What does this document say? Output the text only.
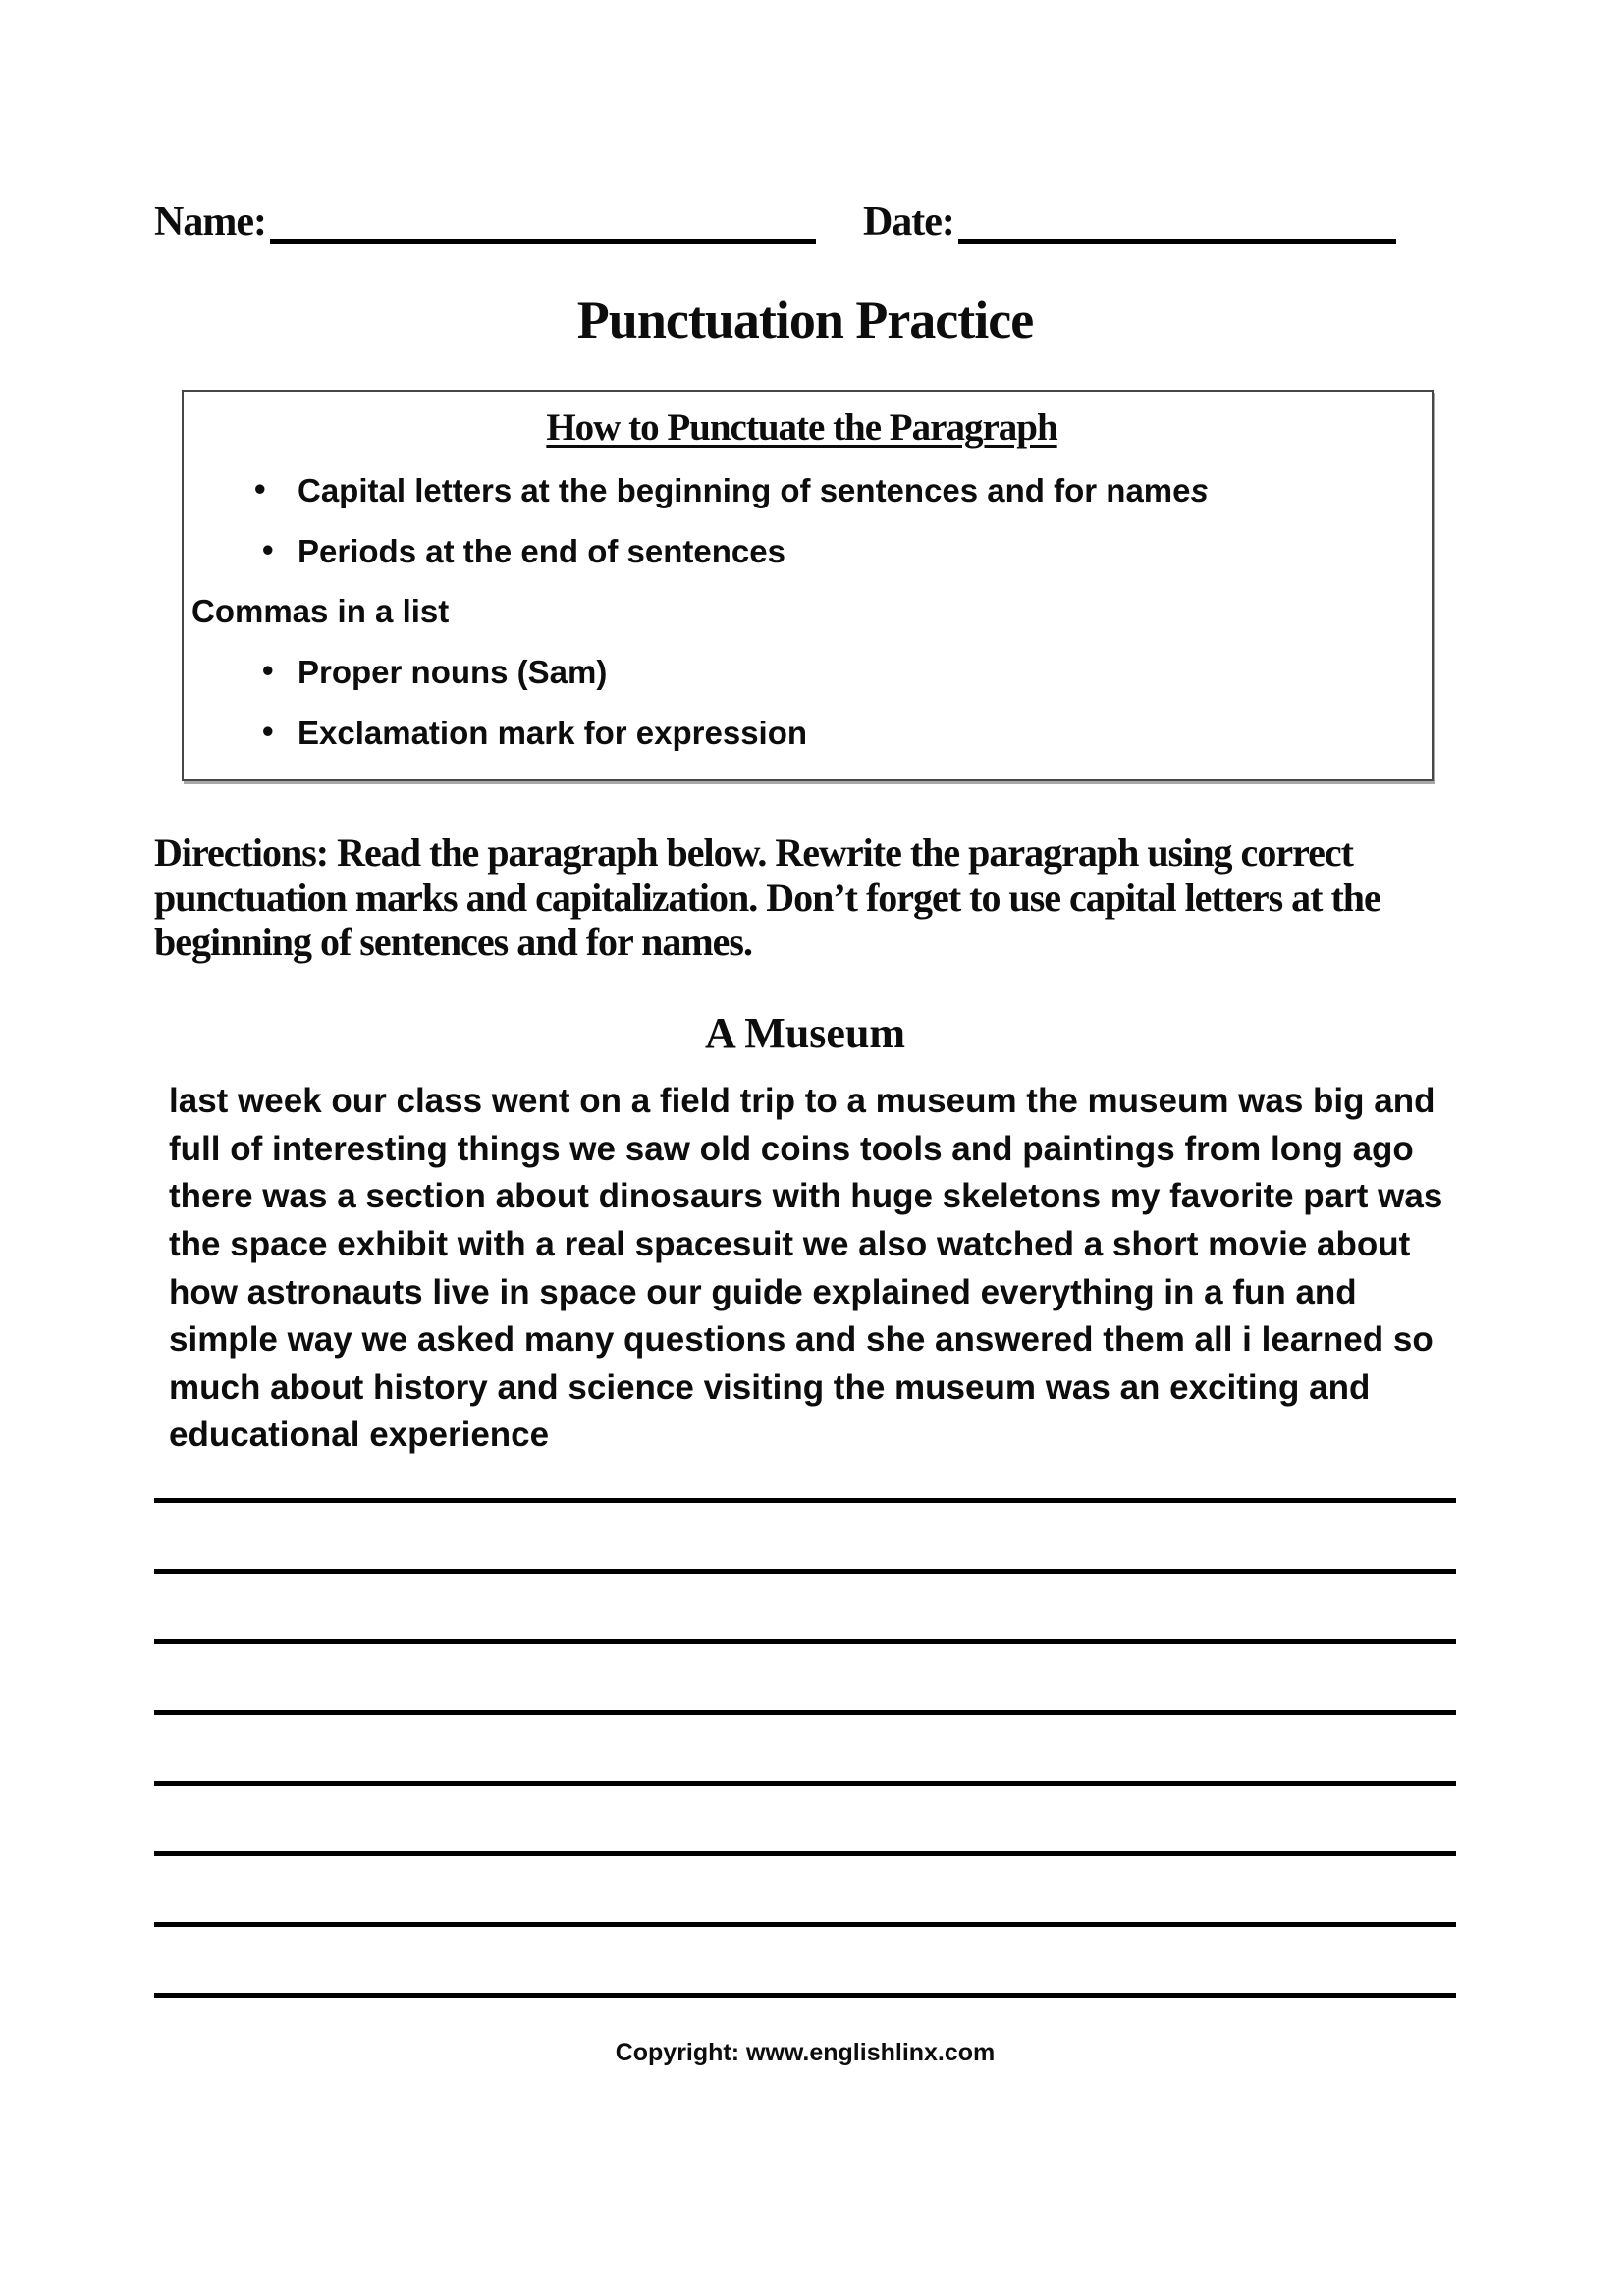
Name:	Date:
Punctuation Practice
How to Punctuate the Paragraph
•
Capital letters at the beginning of sentences and for names
•
Periods at the end of sentences
Commas in a list
•
Proper nouns (Sam)
•
Exclamation mark for expression
Directions: Read the paragraph below. Rewrite the paragraph using correct punctuation marks and capitalization. Don’t forget to use capital letters at the beginning of sentences and for names.
A Museum
last week our class went on a field trip to a museum the museum was big and full of interesting things we saw old coins tools and paintings from long ago there was a section about dinosaurs with huge skeletons my favorite part was the space exhibit with a real spacesuit we also watched a short movie about how astronauts live in space our guide explained everything in a fun and simple way we asked many questions and she answered them all i learned so much about history and science visiting the museum was an exciting and educational experience
Copyright: www.englishlinx.com
